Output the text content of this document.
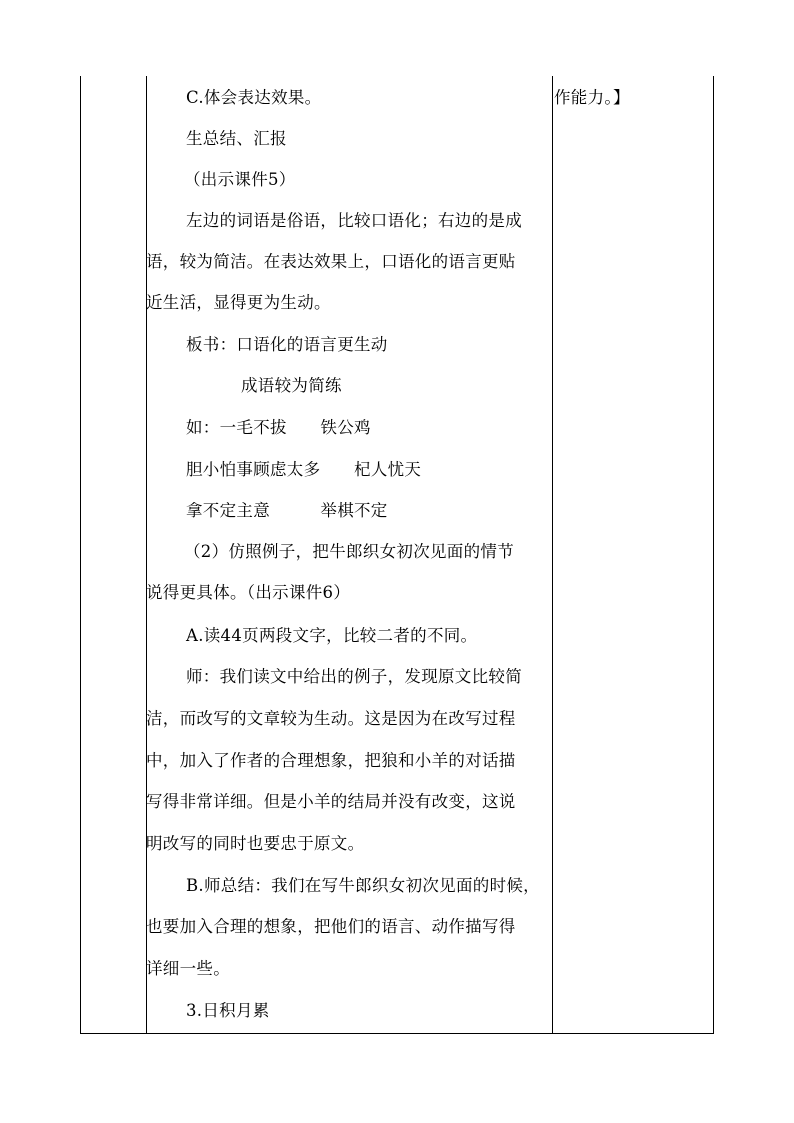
C.体会表达效果。
生总结、汇报
（出示课件5）
左边的词语是俗语，比较口语化；右边的是成
语，较为简洁。在表达效果上，口语化的语言更贴
近生活，显得更为生动。
板书：口语化的语言更生动
成语较为简练
如：一毛不拔　　铁公鸡
胆小怕事顾虑太多　　杞人忧天
拿不定主意　　　举棋不定
（2）仿照例子，把牛郎织女初次见面的情节
说得更具体。（出示课件6）
A.读44页两段文字，比较二者的不同。
师：我们读文中给出的例子，发现原文比较简
洁，而改写的文章较为生动。这是因为在改写过程
中，加入了作者的合理想象，把狼和小羊的对话描
写得非常详细。但是小羊的结局并没有改变，这说
明改写的同时也要忠于原文。
B.师总结：我们在写牛郎织女初次见面的时候，
也要加入合理的想象，把他们的语言、动作描写得
详细一些。
3.日积月累
作能力。】
